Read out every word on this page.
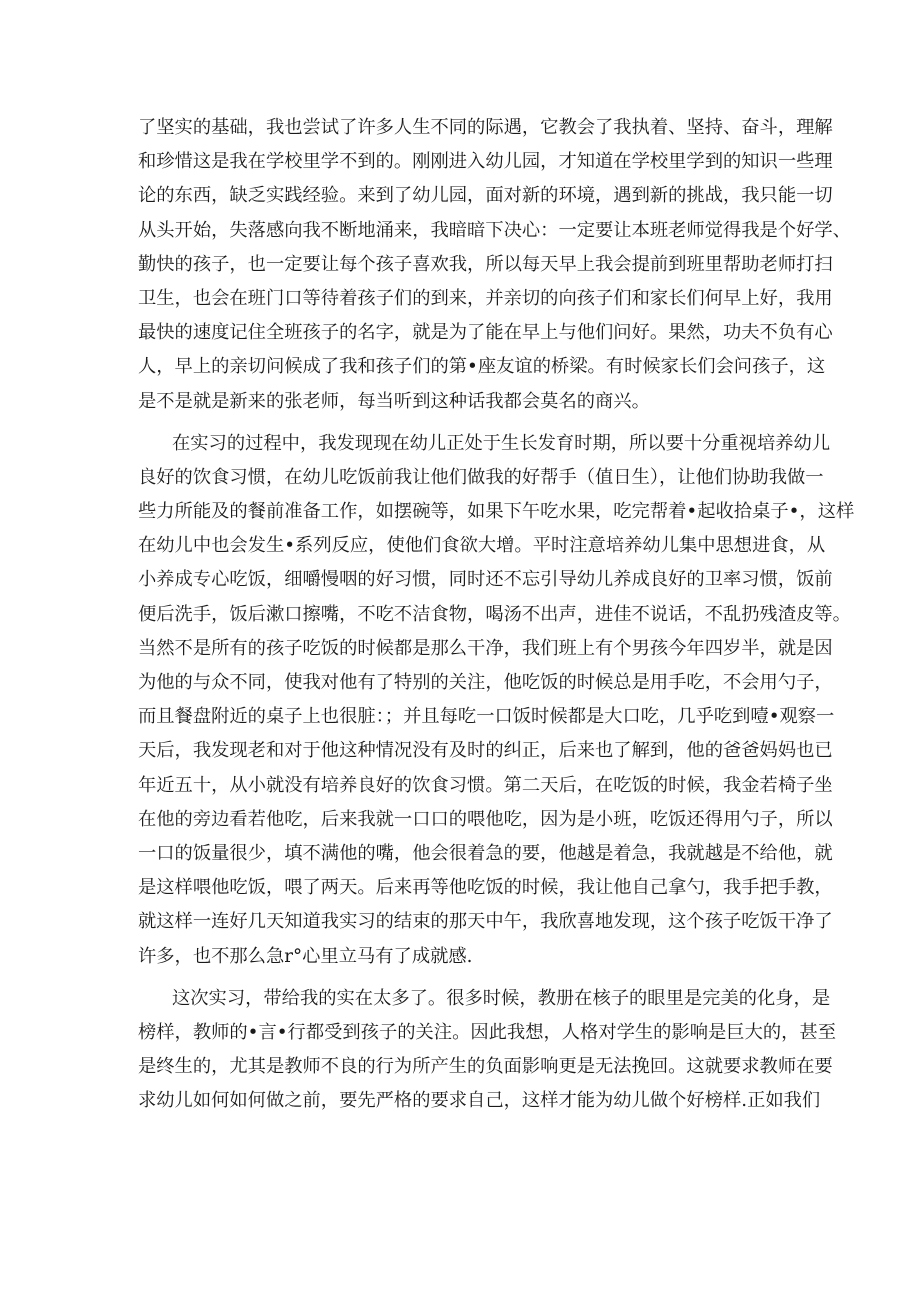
了坚实的基础，我也尝试了许多人生不同的际遇，它教会了我执着、坚持、奋斗，理解
和珍惜这是我在学校里学不到的。刚刚进入幼儿园，才知道在学校里学到的知识一些理
论的东西，缺乏实践经验。来到了幼儿园，面对新的环境，遇到新的挑战，我只能一切
从头开始，失落感向我不断地涌来，我暗暗下决心：一定要让本班老师觉得我是个好学、
勤快的孩子，也一定要让每个孩子喜欢我，所以每天早上我会提前到班里帮助老师打扫
卫生，也会在班门口等待着孩子们的到来，并亲切的向孩子们和家长们何早上好，我用
最快的速度记住全班孩子的名字，就是为了能在早上与他们问好。果然，功夫不负有心
人，早上的亲切问候成了我和孩子们的第•座友谊的桥梁。有时候家长们会问孩子，这
是不是就是新来的张老师，每当听到这种话我都会莫名的商兴。
在实习的过程中，我发现现在幼儿正处于生长发育时期，所以要十分重视培养幼儿
良好的饮食习惯，在幼儿吃饭前我让他们做我的好帮手（值日生），让他们协助我做一
些力所能及的餐前准备工作，如摆碗等，如果下午吃水果，吃完帮着•起收拾桌子•，这样
在幼儿中也会发生•系列反应，使他们食欲大增。平时注意培养幼儿集中思想进食，从
小养成专心吃饭，细嚼慢咽的好习惯，同时还不忘引导幼儿养成良好的卫率习惯，饭前
便后洗手，饭后漱口擦嘴，不吃不洁食物，喝汤不出声，进佳不说话，不乱扔残渣皮等。
当然不是所有的孩子吃饭的时候都是那么干净，我们班上有个男孩今年四岁半，就是因
为他的与众不同，使我对他有了特别的关注，他吃饭的时候总是用手吃，不会用勺子，
而且餐盘附近的桌子上也很脏：；并且每吃一口饭时候都是大口吃，几乎吃到噎•观察一
天后，我发现老和对于他这种情况没有及时的纠正，后来也了解到，他的爸爸妈妈也已
年近五十，从小就没有培养良好的饮食习惯。第二天后，在吃饭的时候，我金若椅子坐
在他的旁边看若他吃，后来我就一口口的喂他吃，因为是小班，吃饭还得用勺子，所以
一口的饭量很少，填不满他的嘴，他会很着急的要，他越是着急，我就越是不给他，就
是这样喂他吃饭，喂了两天。后来再等他吃饭的时候，我让他自己拿勺，我手把手教，
就这样一连好几天知道我实习的结束的那天中午，我欣喜地发现，这个孩子吃饭干净了
许多，也不那么急r°心里立马有了成就感.
这次实习，带给我的实在太多了。很多时候，教册在核子的眼里是完美的化身，是
榜样，教师的•言•行都受到孩子的关注。因此我想，人格对学生的影响是巨大的，甚至
是终生的，尤其是教师不良的行为所产生的负面影响更是无法挽回。这就要求教师在要
求幼儿如何如何做之前，要先严格的要求自己，这样才能为幼儿做个好榜样.正如我们
